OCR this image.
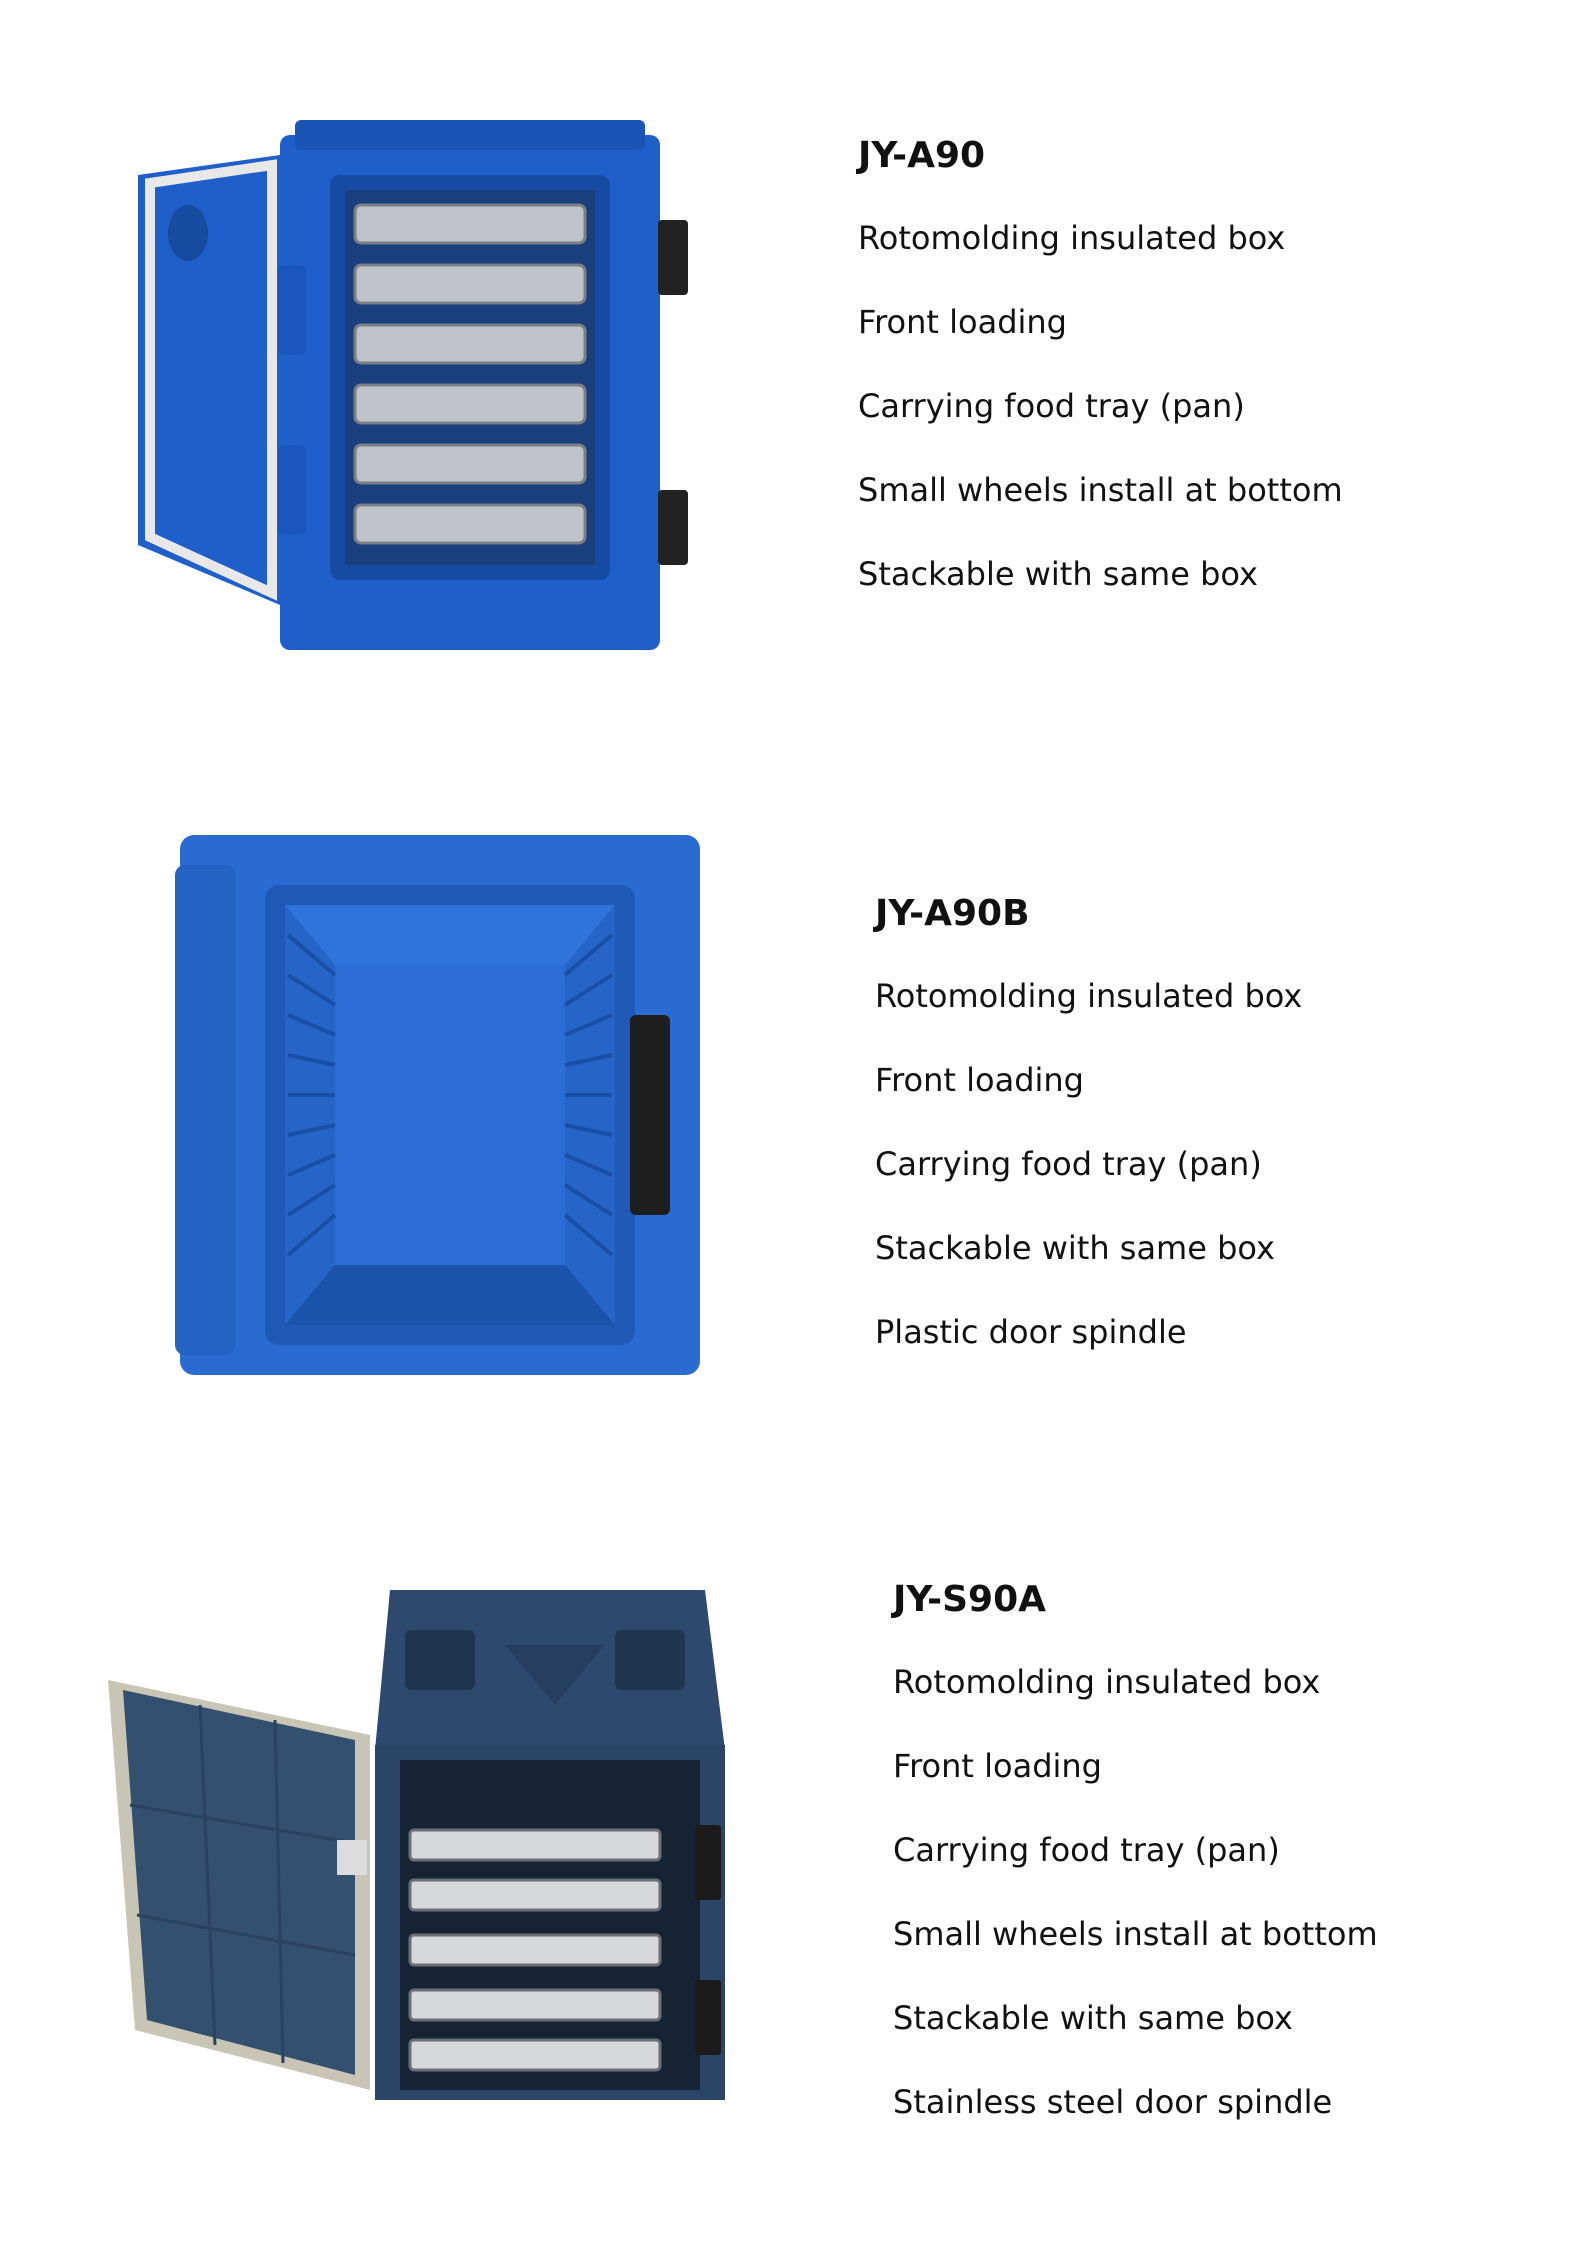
JY-A90
Rotomolding insulated box
Front loading
Carrying food tray (pan)
Small wheels install at bottom
Stackable with same box
JY-A90B
Rotomolding insulated box
Front loading
Carrying food tray (pan)
Stackable with same box
Plastic door spindle
JY-S90A
Rotomolding insulated box
Front loading
Carrying food tray (pan)
Small wheels install at bottom
Stackable with same box
Stainless steel door spindle
